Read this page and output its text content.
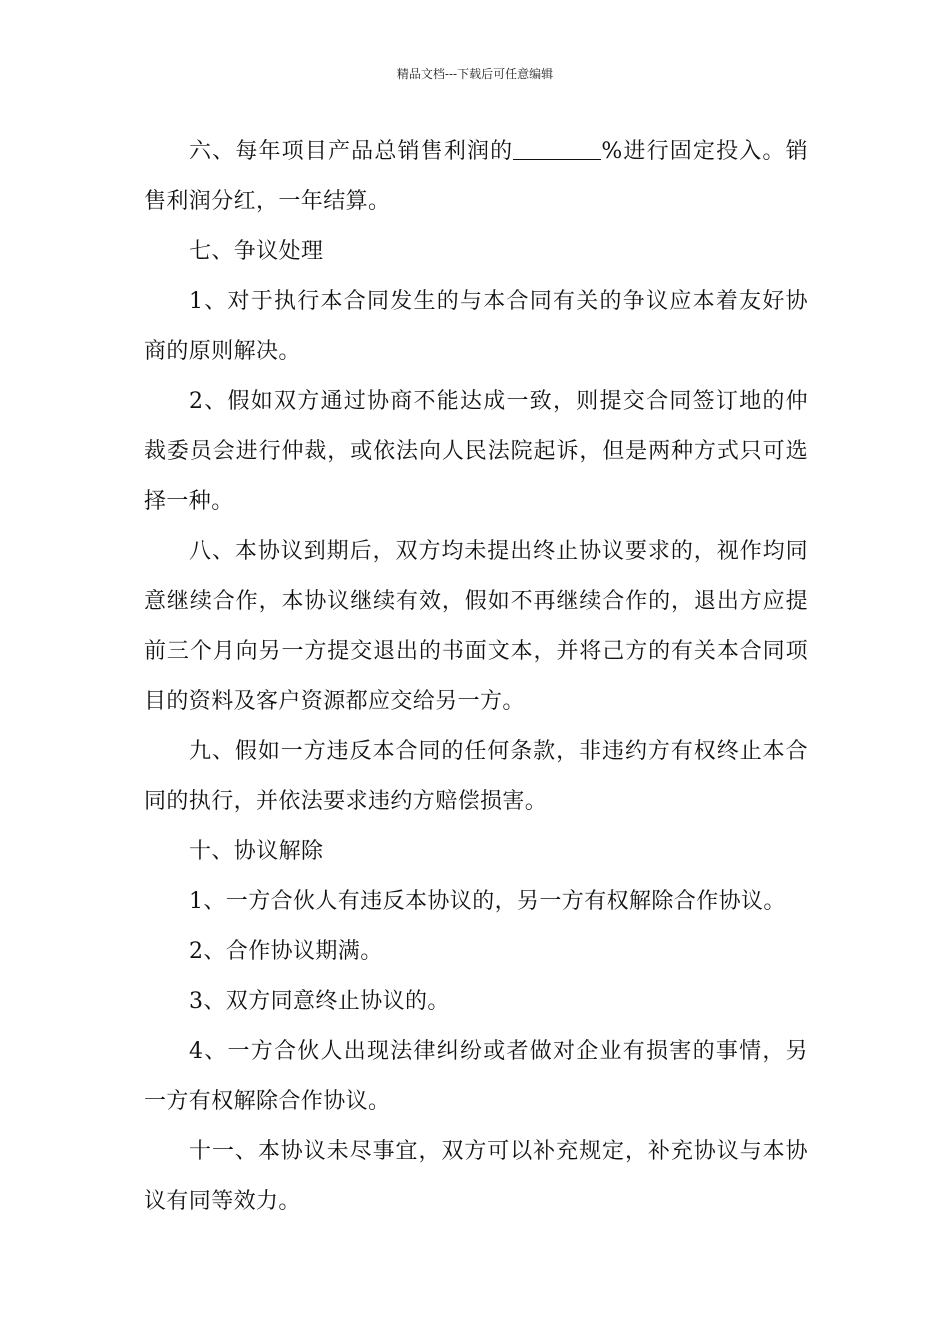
精品文档---下载后可任意编辑

六、每年项目产品总销售利润的	%进行固定投入。销售利润分红，一年结算。

七、争议处理

1、对于执行本合同发生的与本合同有关的争议应本着友好协商的原则解决。

2、假如双方通过协商不能达成一致，则提交合同签订地的仲裁委员会进行仲裁，或依法向人民法院起诉，但是两种方式只可选择一种。

八、本协议到期后，双方均未提出终止协议要求的，视作均同意继续合作，本协议继续有效，假如不再继续合作的，退出方应提前三个月向另一方提交退出的书面文本，并将己方的有关本合同项目的资料及客户资源都应交给另一方。

九、假如一方违反本合同的任何条款，非违约方有权终止本合同的执行，并依法要求违约方赔偿损害。

十、协议解除

1、一方合伙人有违反本协议的，另一方有权解除合作协议。

2、合作协议期满。

3、双方同意终止协议的。

4、一方合伙人出现法律纠纷或者做对企业有损害的事情，另一方有权解除合作协议。

十一、本协议未尽事宜，双方可以补充规定，补充协议与本协议有同等效力。
